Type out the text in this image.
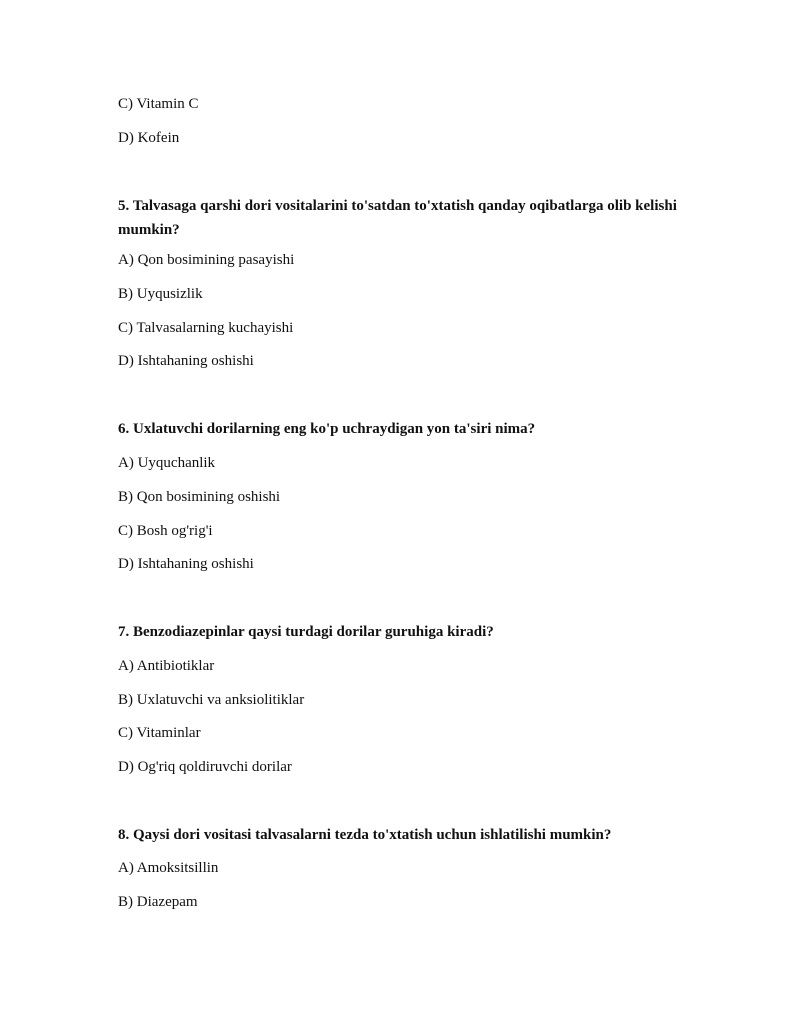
C) Vitamin C
D) Kofein
5. Talvasaga qarshi dori vositalarini to'satdan to'xtatish qanday oqibatlarga olib kelishi mumkin?
A) Qon bosimining pasayishi
B) Uyqusizlik
C) Talvasalarning kuchayishi
D) Ishtahaning oshishi
6. Uxlatuvchi dorilarning eng ko'p uchraydigan yon ta'siri nima?
A) Uyquchanlik
B) Qon bosimining oshishi
C) Bosh og'rig'i
D) Ishtahaning oshishi
7. Benzodiazepinlar qaysi turdagi dorilar guruhiga kiradi?
A) Antibiotiklar
B) Uxlatuvchi va anksiolitiklar
C) Vitaminlar
D) Og'riq qoldiruvchi dorilar
8. Qaysi dori vositasi talvasalarni tezda to'xtatish uchun ishlatilishi mumkin?
A) Amoksitsillin
B) Diazepam
